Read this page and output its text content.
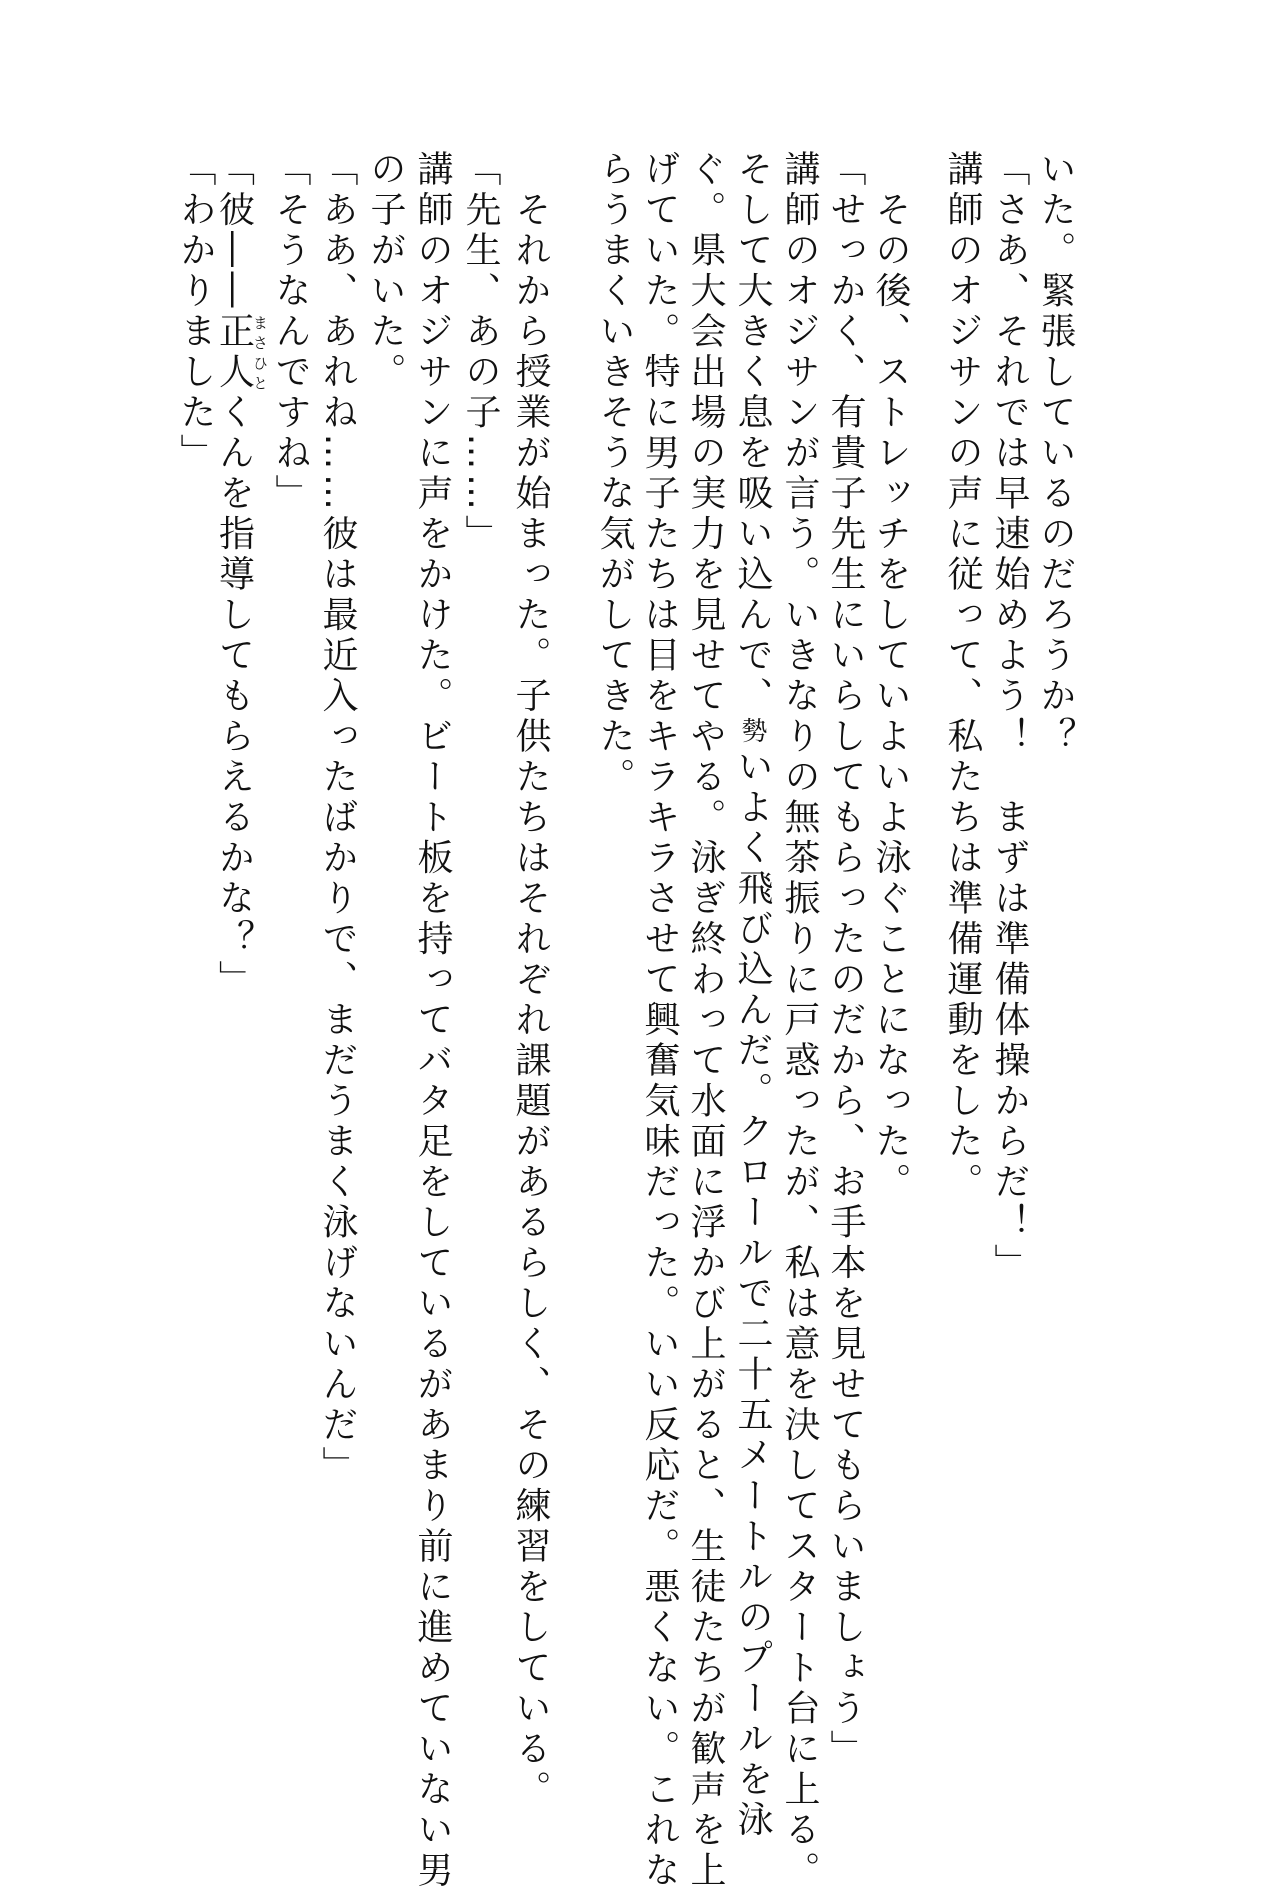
いた。緊張しているのだろうか？
「さあ、それでは早速始めよう！　まずは準備体操からだ！」
講師のオジサンの声に従って、私たちは準備運動をした。
　その後、ストレッチをしていよいよ泳ぐことになった。
「せっかく、有貴子先生にいらしてもらったのだから、お手本を見せてもらいましょう」
講師のオジサンが言う。いきなりの無茶振りに戸惑ったが、私は意を決してスタート台に上る。
そして大きく息を吸い込んで、勢いよく飛び込んだ。クロールで二十五メートルのプールを泳
ぐ。県大会出場の実力を見せてやる。泳ぎ終わって水面に浮かび上がると、生徒たちが歓声を上
げていた。特に男子たちは目をキラキラさせて興奮気味だった。いい反応だ。悪くない。これな
らうまくいきそうな気がしてきた。
　それから授業が始まった。子供たちはそれぞれ課題があるらしく、その練習をしている。
「先生、あの子……」
講師のオジサンに声をかけた。ビート板を持ってバタ足をしているがあまり前に進めていない男
の子がいた。
「ああ、あれね……彼は最近入ったばかりで、まだうまく泳げないんだ」
「そうなんですね」
「彼――正人まさひとくんを指導してもらえるかな？」
「わかりました」
